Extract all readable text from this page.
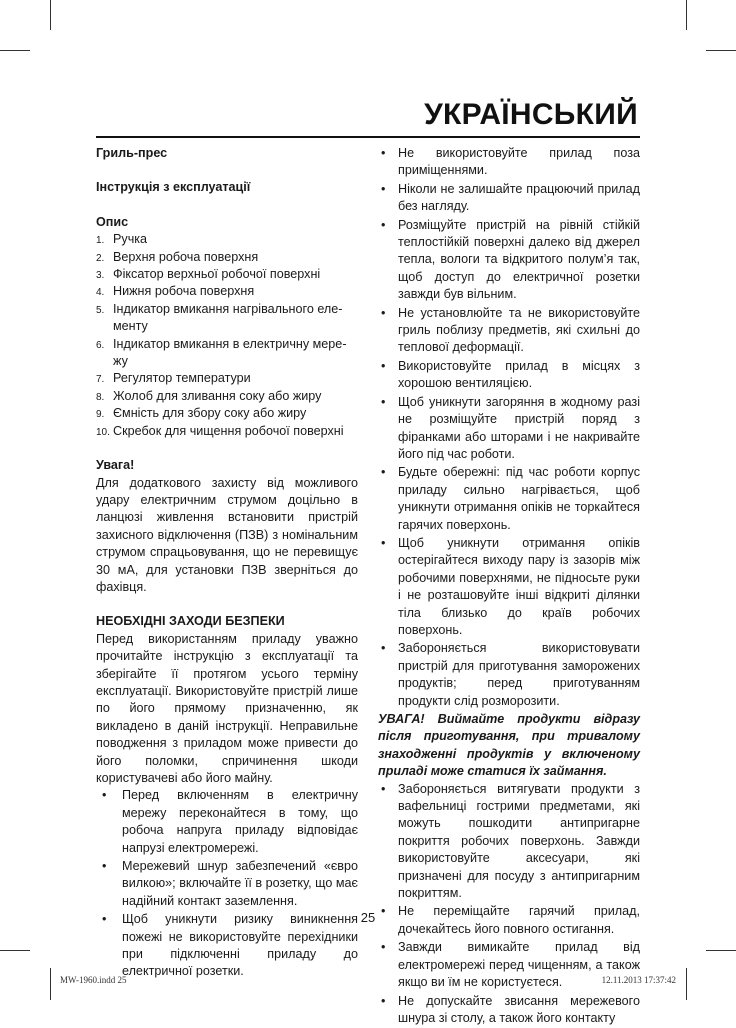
УКРАЇНСЬКИЙ

Гриль-прес

Інструкція з експлуатації

Опис

1. Ручка
2. Верхня робоча поверхня
3. Фіксатор верхньої робочої поверхні
4. Нижня робоча поверхня
5. Індикатор вмикання нагрівального еле-менту
6. Індикатор вмикання в електричну мере-жу
7. Регулятор температури
8. Жолоб для зливання соку або жиру
9. Ємність для збору соку або жиру
10. Скребок для чищення робочої поверхні

Увага!

Для додаткового захисту від можливого удару електричним струмом доцільно в ланцюзі живлення встановити пристрій захисного відключення (ПЗВ) з номінальним струмом спрацьовування, що не перевищує 30 мА, для установки ПЗВ зверніться до фахівця.

НЕОБХІДНІ ЗАХОДИ БЕЗПЕКИ

Перед використанням приладу уважно прочитайте інструкцію з експлуатації та зберігайте її протягом усього терміну експлуатації. Використовуйте пристрій лише по його прямому призначенню, як викладено в даній інструкції. Неправильне поводження з приладом може привести до його поломки, спричинення шкоди користувачеві або його майну.

• Перед включенням в електричну мережу переконайтеся в тому, що робоча напруга приладу відповідає напрузі електромережі.
• Мережевий шнур забезпечений «євро вилкою»; включайте її в розетку, що має надійний контакт заземлення.
• Щоб уникнути ризику виникнення пожежі не використовуйте перехідники при підключенні приладу до електричної розетки.
• Не використовуйте прилад поза приміщеннями.
• Ніколи не залишайте працюючий прилад без нагляду.
• Розміщуйте пристрій на рівній стійкій теплостійкій поверхні далеко від джерел тепла, вологи та відкритого полум’я так, щоб доступ до електричної розетки завжди був вільним.
• Не установлюйте та не використовуйте гриль поблизу предметів, які схильні до теплової деформації.
• Використовуйте прилад в місцях з хорошою вентиляцією.
• Щоб уникнути загоряння в жодному разі не розміщуйте пристрій поряд з фіранками або шторами і не накривайте його під час роботи.
• Будьте обережні: під час роботи корпус приладу сильно нагрівається, щоб уникнути отримання опіків не торкайтеся гарячих поверхонь.
• Щоб уникнути отримання опіків остерігайтеся виходу пару із зазорів між робочими поверхнями, не підносьте руки і не розташовуйте інші відкриті ділянки тіла близько до країв робочих поверхонь.
• Забороняється використовувати пристрій для приготування заморожених продуктів; перед приготуванням продукти слід розморозити.

УВАГА! Виймайте продукти відразу після приготування, при тривалому знаходженні продуктів у включеному приладі може статися їх займання.

• Забороняється витягувати продукти з вафельниці гострими предметами, які можуть пошкодити антипригарне покриття робочих поверхонь. Завжди використовуйте аксесуари, які призначені для посуду з антипригарним покриттям.
• Не переміщайте гарячий прилад, дочекайтесь його повного остигання.
• Завжди вимикайте прилад від електромережі перед чищенням, а також якщо ви їм не користуєтеся.
• Не допускайте звисання мережевого шнура зі столу, а також його контакту
25
MW-1960.indd 25	12.11.2013 17:37:42
